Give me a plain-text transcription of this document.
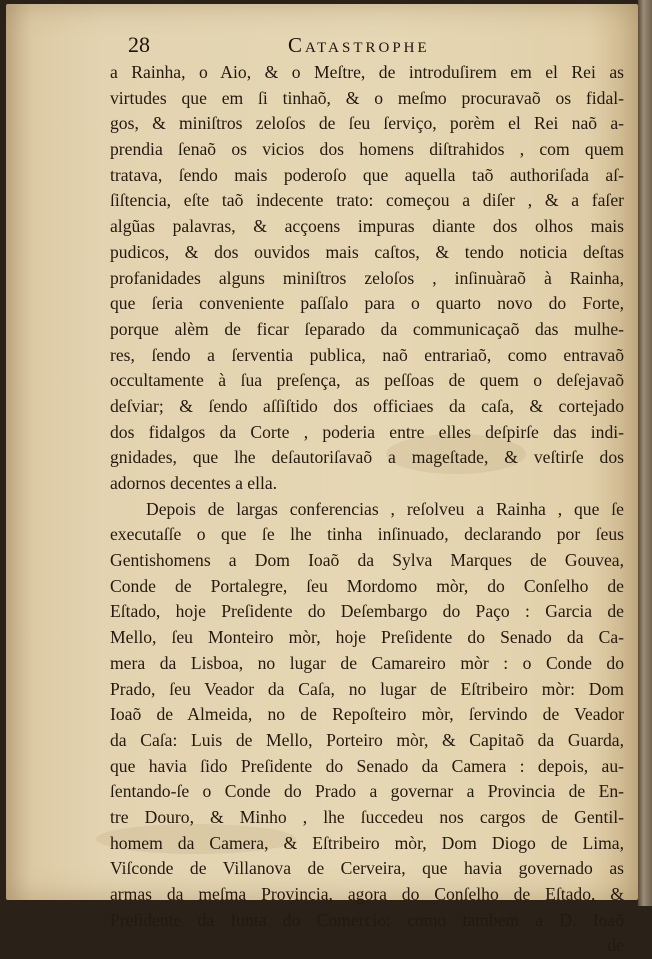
28	Catastrophe
a Rainha, o Aio, & o Meſtre, de introduſirem em el Rei as
virtudes que em ſi tinhaõ, & o meſmo procuravaõ os fidal-
gos, & miniſtros zeloſos de ſeu ſerviço, porèm el Rei naõ a-
prendia ſenaõ os vicios dos homens diſtrahidos , com quem
tratava, ſendo mais poderoſo que aquella taõ authoriſada aſ-
ſiſtencia, eſte taõ indecente trato: começou a diſer , & a faſer
algũas palavras, & acçoens impuras diante dos olhos mais
pudicos, & dos ouvidos mais caſtos, & tendo noticia deſtas
profanidades alguns miniſtros zeloſos , inſinuàraõ à Rainha,
que ſeria conveniente paſſalo para o quarto novo do Forte,
porque alèm de ficar ſeparado da communicaçaõ das mulhe-
res, ſendo a ſerventia publica, naõ entrariaõ, como entravaõ
occultamente à ſua preſença, as peſſoas de quem o deſejavaõ
deſviar; & ſendo aſſiſtido dos officiaes da caſa, & cortejado
dos fidalgos da Corte , poderia entre elles deſpirſe das indi-
gnidades, que lhe deſautoriſavaõ a mageſtade, & veſtirſe dos
adornos decentes a ella.
Depois de largas conferencias , reſolveu a Rainha , que ſe
executaſſe o que ſe lhe tinha inſinuado, declarando por ſeus
Gentishomens a Dom Ioaõ da Sylva Marques de Gouvea,
Conde de Portalegre, ſeu Mordomo mòr, do Conſelho de
Eſtado, hoje Preſidente do Deſembargo do Paço : Garcia de
Mello, ſeu Monteiro mòr, hoje Preſidente do Senado da Ca-
mera da Lisboa, no lugar de Camareiro mòr : o Conde do
Prado, ſeu Veador da Caſa, no lugar de Eſtribeiro mòr: Dom
Ioaõ de Almeida, no de Repoſteiro mòr, ſervindo de Veador
da Caſa: Luis de Mello, Porteiro mòr, & Capitaõ da Guarda,
que havia ſido Preſidente do Senado da Camera : depois, au-
ſentando-ſe o Conde do Prado a governar a Provincia de En-
tre Douro, & Minho , lhe ſuccedeu nos cargos de Gentil-
homem da Camera, & Eſtribeiro mòr, Dom Diogo de Lima,
Viſconde de Villanova de Cerveira, que havia governado as
armas da meſma Provincia, agora do Conſelho de Eſtado, &
Preſidente da Iunta do Comercio: como tambem a D. Ioaõ
de
